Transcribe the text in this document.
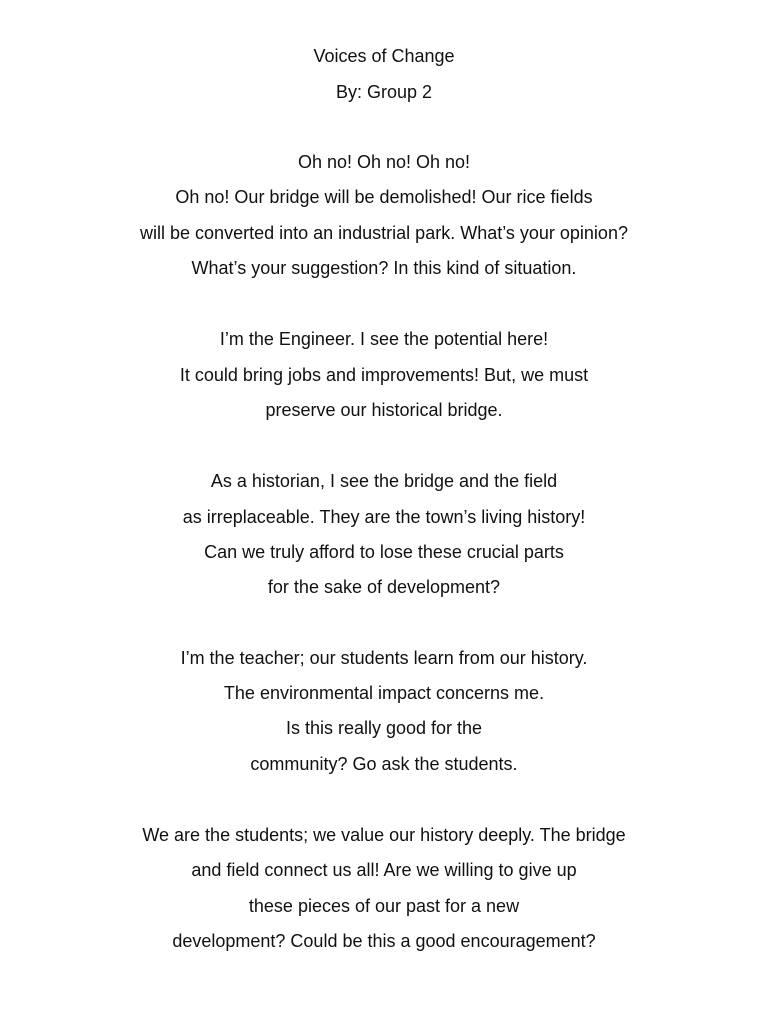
Voices of Change
By: Group 2
Oh no! Oh no! Oh no!
Oh no! Our bridge will be demolished! Our rice fields
will be converted into an industrial park. What’s your opinion?
What’s your suggestion? In this kind of situation.
I’m the Engineer. I see the potential here!
It could bring jobs and improvements! But, we must
preserve our historical bridge.
As a historian, I see the bridge and the field
as irreplaceable. They are the town’s living history!
Can we truly afford to lose these crucial parts
for the sake of development?
I’m the teacher; our students learn from our history.
The environmental impact concerns me.
Is this really good for the
community? Go ask the students.
We are the students; we value our history deeply. The bridge
and field connect us all! Are we willing to give up
these pieces of our past for a new
development? Could be this a good encouragement?
